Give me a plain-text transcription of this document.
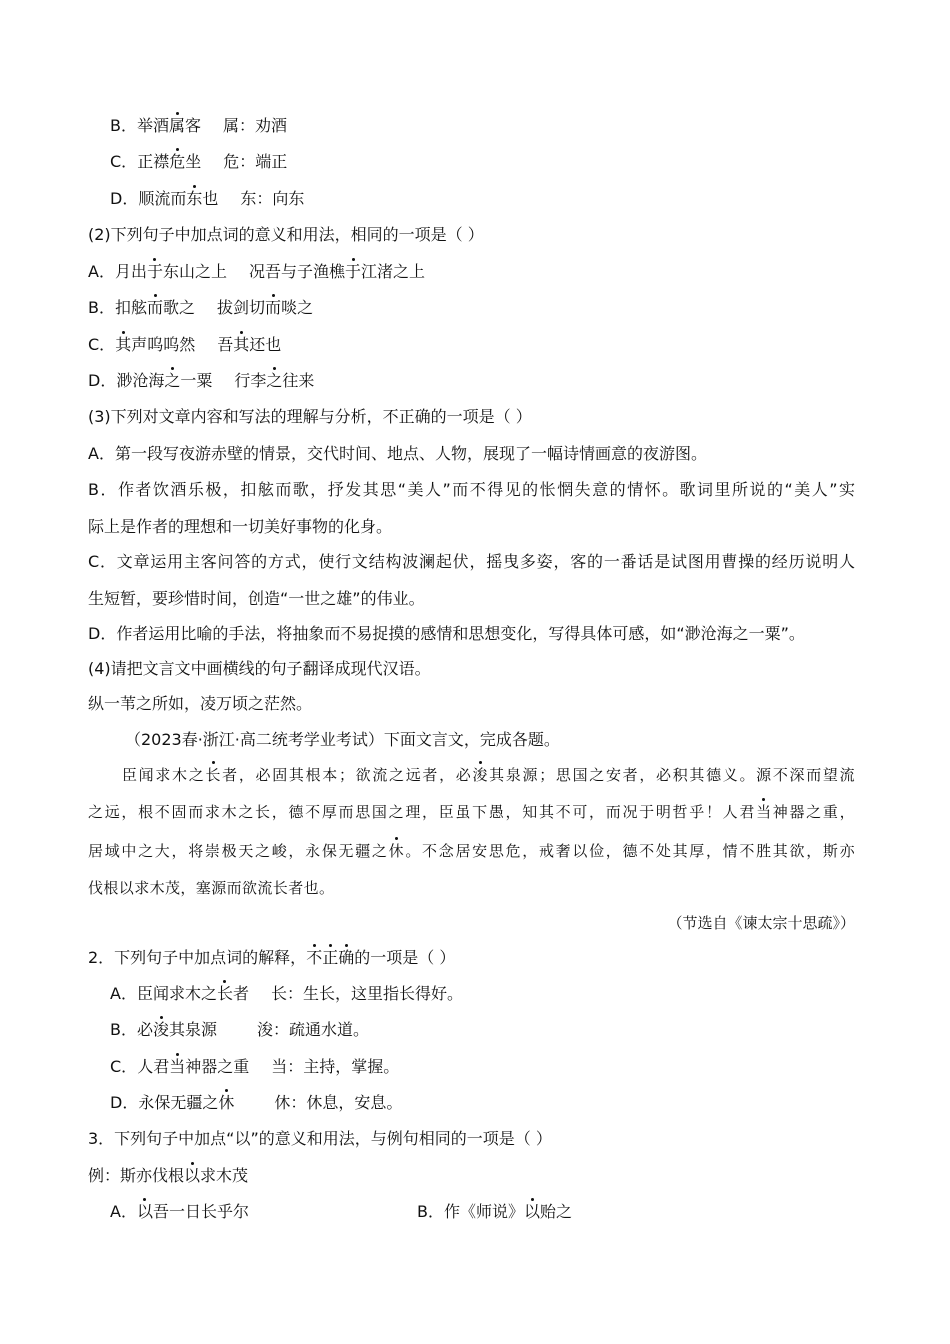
B．举酒属客 属：劝酒
C．正襟危坐 危：端正
D．顺流而东也 东：向东
(2)下列句子中加点词的意义和用法，相同的一项是（ ）
A．月出于东山之上 况吾与子渔樵于江渚之上
B．扣舷而歌之 拔剑切而啖之
C．其声呜呜然 吾其还也
D．渺沧海之一粟 行李之往来
(3)下列对文章内容和写法的理解与分析，不正确的一项是（ ）
A．第一段写夜游赤壁的情景，交代时间、地点、人物，展现了一幅诗情画意的夜游图。
B．作者饮酒乐极，扣舷而歌，抒发其思“美人”而不得见的怅惘失意的情怀。歌词里所说的“美人”实
际上是作者的理想和一切美好事物的化身。
C．文章运用主客问答的方式，使行文结构波澜起伏，摇曳多姿，客的一番话是试图用曹操的经历说明人
生短暂，要珍惜时间，创造“一世之雄”的伟业。
D．作者运用比喻的手法，将抽象而不易捉摸的感情和思想变化，写得具体可感，如“渺沧海之一粟”。
(4)请把文言文中画横线的句子翻译成现代汉语。
纵一苇之所如，凌万顷之茫然。
（2023春·浙江·高二统考学业考试）下面文言文，完成各题。
臣闻求木之长者，必固其根本；欲流之远者，必浚其泉源；思国之安者，必积其德义。源不深而望流
之远，根不固而求木之长，德不厚而思国之理，臣虽下愚，知其不可，而况于明哲乎！人君当神器之重，
居域中之大，将崇极天之峻，永保无疆之休。不念居安思危，戒奢以俭，德不处其厚，情不胜其欲，斯亦
伐根以求木茂，塞源而欲流长者也。
（节选自《谏太宗十思疏》）
2．下列句子中加点词的解释，不正确的一项是（ ）
A．臣闻求木之长者 长：生长，这里指长得好。
B．必浚其泉源	浚：疏通水道。
C．人君当神器之重 当：主持，掌握。
D．永保无疆之休	休：休息，安息。
3．下列句子中加点“以”的意义和用法，与例句相同的一项是（ ）
例：斯亦伐根以求木茂
A．以吾一日长乎尔	B．作《师说》以贻之
